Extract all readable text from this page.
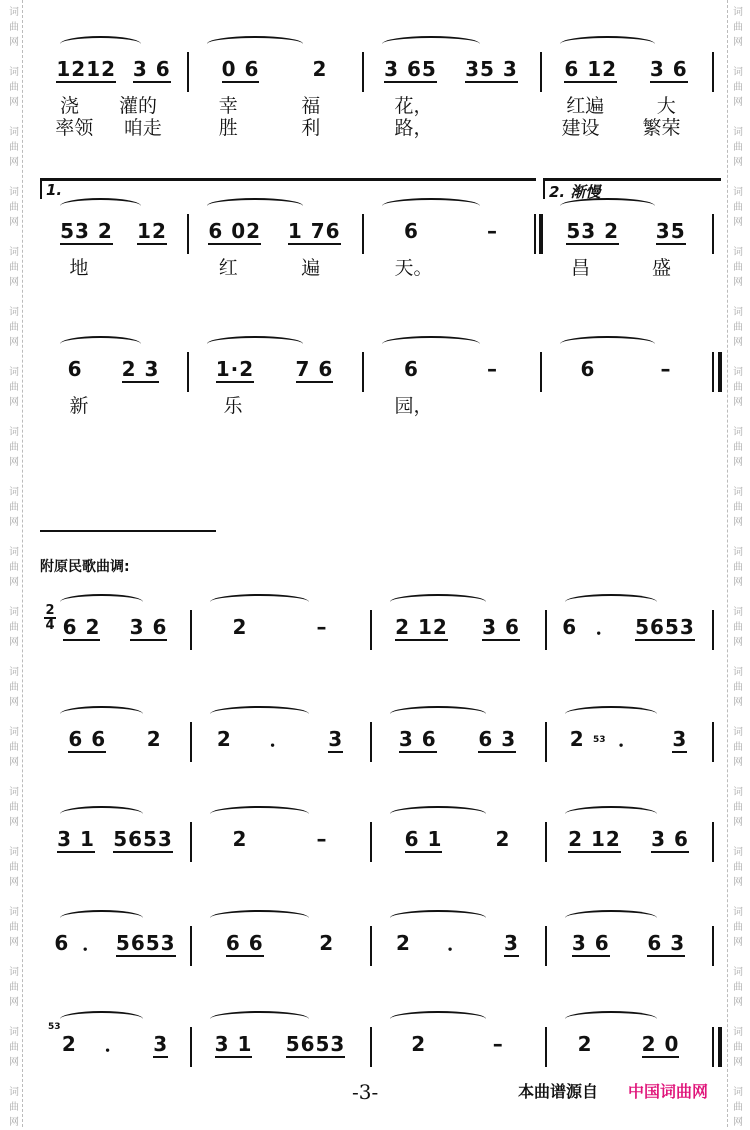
词
曲
网
词
曲
网
词
曲
网
词
曲
网
词
曲
网
词
曲
网
词
曲
网
词
曲
网
词
曲
网
词
曲
网
词
曲
网
词
曲
网
词
曲
网
词
曲
网
词
曲
网
词
曲
网
词
曲
网
词
曲
网
词
曲
网
词
曲
网
词
曲
网
词
曲
网
词
曲
网
词
曲
网
词
曲
网
词
曲
网
词
曲
网
词
曲
网
词
曲
网
词
曲
网
词
曲
网
词
曲
网
词
曲
网
词
曲
网
词
曲
网
词
曲
网
词
曲
网
词
曲
网
1212 3 6	0 6	2	3 65 35 3 6 12 3 6
浇 灌的	幸	福	花，	红遍	大
率领 咱走	胜	利	路，	建设 繁荣
53 2 12 6 02 1 76	6	–	53 2 35
地	红	遍	天。	昌	盛
1.	2. 渐慢
6 2 3	1·2 7 6	6	–	6	–
新	乐	园，
6 2 3 6	2	–	2 12 3 6 6 ． 5653
6 6 2	2 ． 3	3 6 6 3	2 ． 3
3 1 5653	2	–	6 1	2	2 12 3 6
6 ． 5653	6 6	2	2 ． 3	3 6 6 3
2 ． 3 3 1 5653	2	–	2 2 0
53
53
附原民歌曲调:
2
4
-3-	本曲谱源自 中国词曲网
